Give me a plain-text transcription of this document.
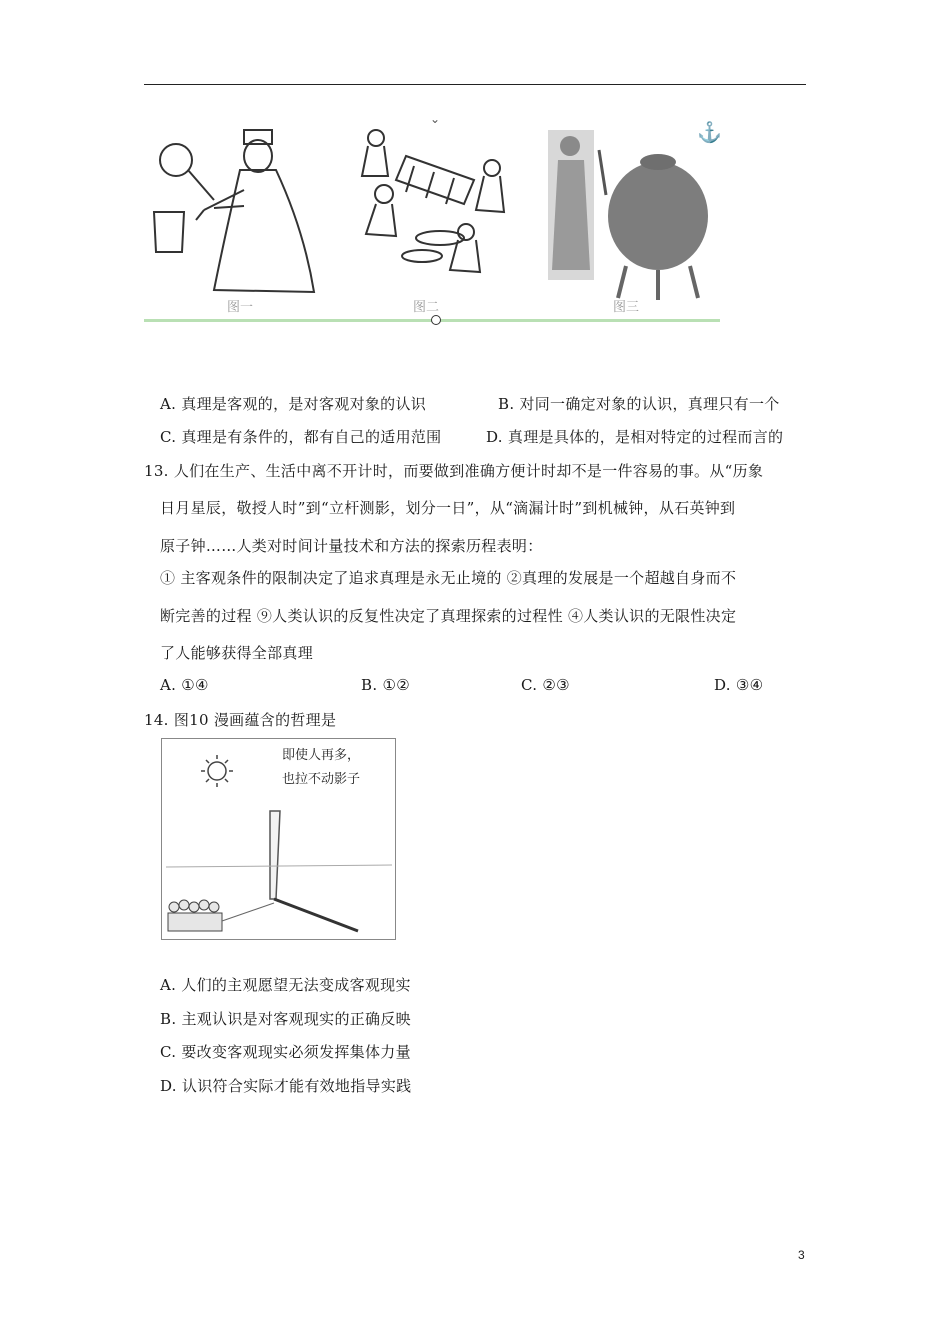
⌄
⚓
图一	图二	图三
A. 真理是客观的，是对客观对象的认识	B. 对同一确定对象的认识，真理只有一个
C. 真理是有条件的，都有自己的适用范围	D. 真理是具体的，是相对特定的过程而言的
13. 人们在生产、生活中离不开计时，而要做到准确方便计时却不是一件容易的事。从“历象
日月星辰，敬授人时”到“立杆测影，划分一日”，从“滴漏计时”到机械钟，从石英钟到
原子钟……人类对时间计量技术和方法的探索历程表明：
① 主客观条件的限制决定了追求真理是永无止境的 ②真理的发展是一个超越自身而不
断完善的过程 ⑨人类认识的反复性决定了真理探索的过程性 ④人类认识的无限性决定
了人能够获得全部真理
A. ①④	B. ①②	C. ②③	D. ③④
14. 图10 漫画蕴含的哲理是
即使人再多，
也拉不动影子
A. 人们的主观愿望无法变成客观现实
B. 主观认识是对客观现实的正确反映
C. 要改变客观现实必须发挥集体力量
D. 认识符合实际才能有效地指导实践
3
